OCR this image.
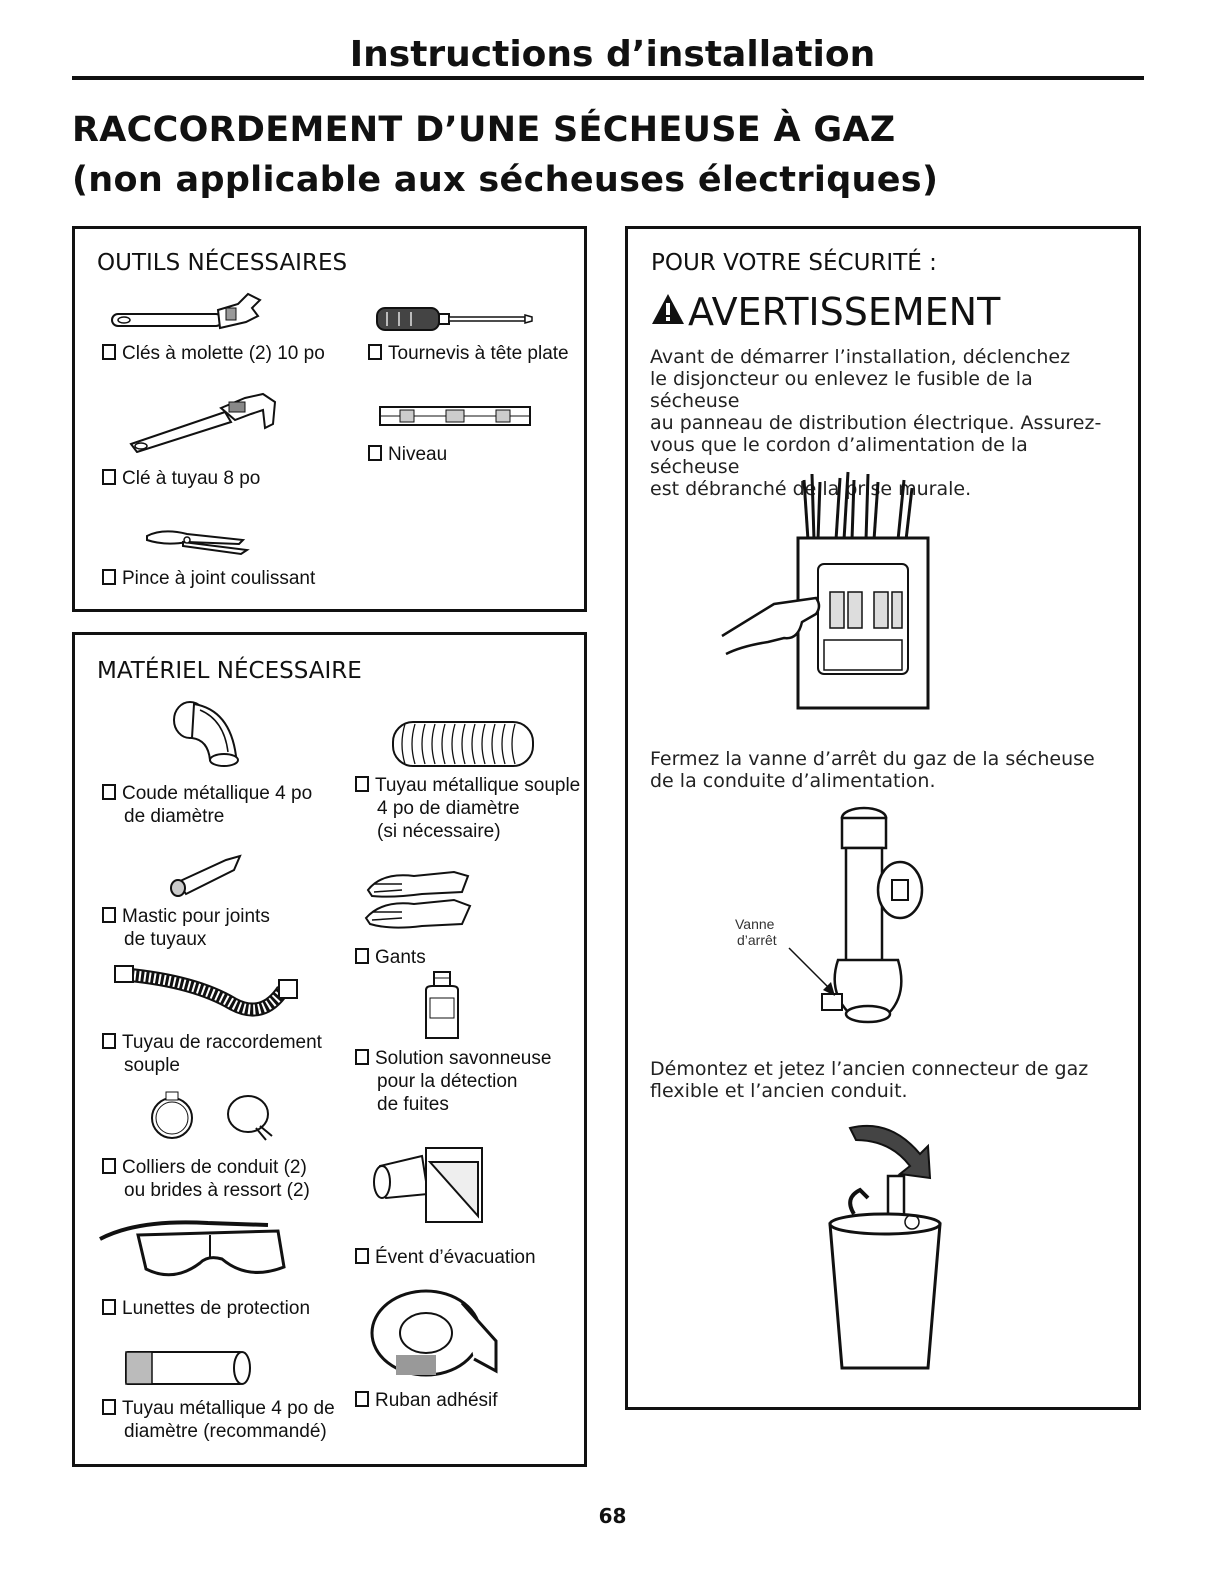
Instructions d’installation
RACCORDEMENT D’UNE SÉCHEUSE À GAZ
(non applicable aux sécheuses électriques)
OUTILS NÉCESSAIRES
Clés à molette (2) 10 po	Tournevis à tête plate
Clé à tuyau 8 po
Niveau
Pince à joint coulissant
MATÉRIEL NÉCESSAIRE
Coude métallique 4 po
de diamètre
Tuyau métallique souple
4 po de diamètre
(si nécessaire)
Mastic pour joints
de tuyaux
Gants
Tuyau de raccordement
souple	Solution savonneuse
pour la détection
de fuites
Colliers de conduit (2)
ou brides à ressort (2)
Évent d’évacuation
Lunettes de protection
Ruban adhésif
Tuyau métallique 4 po de
diamètre (recommandé)
POUR VOTRE SÉCURITÉ :
AVERTISSEMENT
Avant de démarrer l’installation, déclenchez
le disjoncteur ou enlevez le fusible de la sécheuse
au panneau de distribution électrique. Assurez-
vous que le cordon d’alimentation de la sécheuse
est débranché de la prise murale.
Fermez la vanne d’arrêt du gaz de la sécheuse
de la conduite d’alimentation.
Vanne
d’arrêt
Démontez et jetez l’ancien connecteur de gaz
flexible et l’ancien conduit.
68
